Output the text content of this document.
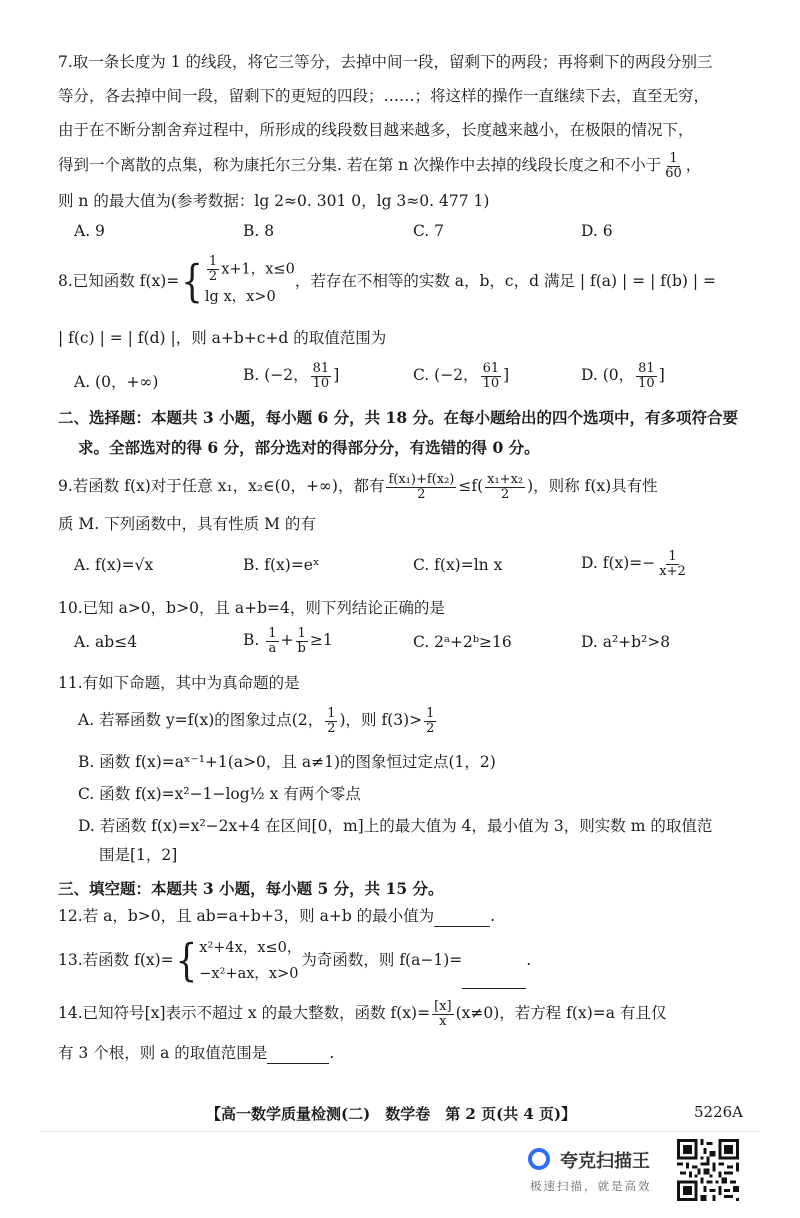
7.取一条长度为 1 的线段，将它三等分，去掉中间一段，留剩下的两段；再将剩下的两段分别三
等分，各去掉中间一段，留剩下的更短的四段；……；将这样的操作一直继续下去，直至无穷，
由于在不断分割舍弃过程中，所形成的线段数目越来越多，长度越来越小，在极限的情况下，
得到一个离散的点集，称为康托尔三分集. 若在第 n 次操作中去掉的线段长度之和不小于 $\frac{1}{60}$ ，
则 n 的最大值为(参考数据：lg 2≈0. 301 0，lg 3≈0. 477 1)
A. 9	B. 8	C. 7	D. 6
8.已知函数 $f(x)=\{ \frac{1}{2} x+1$，x≤0
lg x，x>0
，若存在不相等的实数 a，b，c，d 满足 | f(a) | = | f(b) | =
| f(c) | = | f(d) |，则 a+b+c+d 的取值范围为
A. (0，+∞)	B. (−2， $\frac{81}{10}$ ]	C. (−2， $\frac{61}{10}$ ]	D. (0， $\frac{81}{10}$ ]
二、选择题：本题共 3 小题，每小题 6 分，共 18 分。在每小题给出的四个选项中，有多项符合要
求。全部选对的得 6 分，部分选对的得部分分，有选错的得 0 分。
9.若函数 f(x)对于任意 x₁，x₂∈(0，+∞)，都有 $\frac{\text{f(x₁)+f(x₂)}}{2} \le f( \frac{\text{x₁+x₂}}{2}$ )，则称 f(x)具有性
质 M. 下列函数中，具有性质 M 的有
A. f(x)=√x	B. f(x)=eˣ	C. f(x)=ln x	D. $f(x)=- \frac{1}{x+2}$
10.已知 a>0，b>0，且 a+b=4，则下列结论正确的是
A. ab≤4	B. $\frac{1}{a} + \frac{1}{b} \ge 1$	C. 2ᵃ+2ᵇ≥16	D. a²+b²>8
11.有如下命题，其中为真命题的是
A. 若幂函数 y=f(x)的图象过点(2， $\frac{1}{2}$ )，则 $f(3)> \frac{1}{2}$
B. 函数 f(x)=aˣ⁻¹+1(a>0，且 a≠1)的图象恒过定点(1，2)
C. 函数 f(x)=x²−1−log½ x 有两个零点
D. 若函数 f(x)=x²−2x+4 在区间[0，m]上的最大值为 4，最小值为 3，则实数 m 的取值范
围是[1，2]
三、填空题：本题共 3 小题，每小题 5 分，共 15 分。
12.若 a，b>0，且 ab=a+b+3，则 a+b 的最小值为	.
13.若函数 f(x)={ x²+4x，x≤0，
−x²+ax，x>0
为奇函数，则 f(a−1)=	.
14.已知符号[x]表示不超过 x 的最大整数，函数 $f(x)= \frac{[x]}{x} (x\ne 0)$，若方程 f(x)=a 有且仅
有 3 个根，则 a 的取值范围是	.
【高一数学质量检测(二)　数学卷　第 2 页(共 4 页)】	5226A
夸克扫描王
极速扫描，就是高效
